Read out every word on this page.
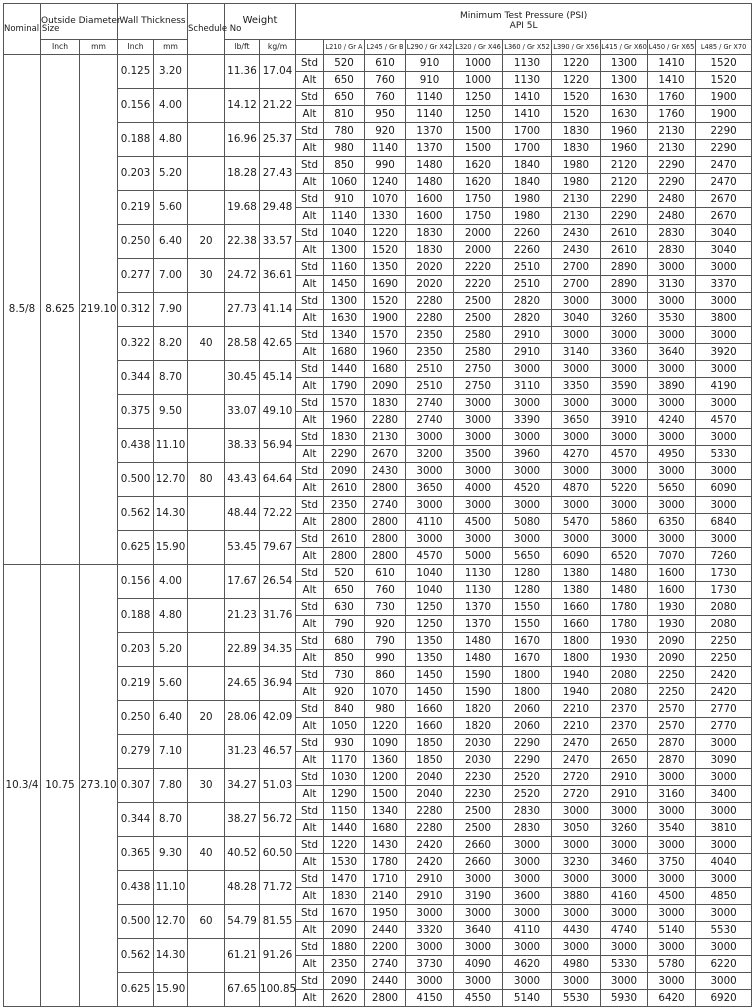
Nominal Size	Outside Diameter		Wall Thickness		Schedule No	Weight		Minimum Test Pressure (PSI)
API 5L									

	Inch	mm	Inch	mm		lb/ft	kg/m		L210 / Gr A	L245 / Gr B	L290 / Gr X42	L320 / Gr X46	L360 / Gr X52	L390 / Gr X56	L415 / Gr X60	L450 / Gr X65	L485 / Gr X70
8.5/8	8.625	219.10	0.125	3.20		11.36	17.04	Std	520	610	910	1000	1130	1220	1300	1410	1520
								Alt	650	760	910	1000	1130	1220	1300	1410	1520
			0.156	4.00		14.12	21.22	Std	650	760	1140	1250	1410	1520	1630	1760	1900
								Alt	810	950	1140	1250	1410	1520	1630	1760	1900
			0.188	4.80		16.96	25.37	Std	780	920	1370	1500	1700	1830	1960	2130	2290
								Alt	980	1140	1370	1500	1700	1830	1960	2130	2290
			0.203	5.20		18.28	27.43	Std	850	990	1480	1620	1840	1980	2120	2290	2470
								Alt	1060	1240	1480	1620	1840	1980	2120	2290	2470
			0.219	5.60		19.68	29.48	Std	910	1070	1600	1750	1980	2130	2290	2480	2670
								Alt	1140	1330	1600	1750	1980	2130	2290	2480	2670
			0.250	6.40	20	22.38	33.57	Std	1040	1220	1830	2000	2260	2430	2610	2830	3040
								Alt	1300	1520	1830	2000	2260	2430	2610	2830	3040
			0.277	7.00	30	24.72	36.61	Std	1160	1350	2020	2220	2510	2700	2890	3000	3000
								Alt	1450	1690	2020	2220	2510	2700	2890	3130	3370
			0.312	7.90		27.73	41.14	Std	1300	1520	2280	2500	2820	3000	3000	3000	3000
								Alt	1630	1900	2280	2500	2820	3040	3260	3530	3800
			0.322	8.20	40	28.58	42.65	Std	1340	1570	2350	2580	2910	3000	3000	3000	3000
								Alt	1680	1960	2350	2580	2910	3140	3360	3640	3920
			0.344	8.70		30.45	45.14	Std	1440	1680	2510	2750	3000	3000	3000	3000	3000
								Alt	1790	2090	2510	2750	3110	3350	3590	3890	4190
			0.375	9.50		33.07	49.10	Std	1570	1830	2740	3000	3000	3000	3000	3000	3000
								Alt	1960	2280	2740	3000	3390	3650	3910	4240	4570
			0.438	11.10		38.33	56.94	Std	1830	2130	3000	3000	3000	3000	3000	3000	3000
								Alt	2290	2670	3200	3500	3960	4270	4570	4950	5330
			0.500	12.70	80	43.43	64.64	Std	2090	2430	3000	3000	3000	3000	3000	3000	3000
								Alt	2610	2800	3650	4000	4520	4870	5220	5650	6090
			0.562	14.30		48.44	72.22	Std	2350	2740	3000	3000	3000	3000	3000	3000	3000
								Alt	2800	2800	4110	4500	5080	5470	5860	6350	6840
			0.625	15.90		53.45	79.67	Std	2610	2800	3000	3000	3000	3000	3000	3000	3000
								Alt	2800	2800	4570	5000	5650	6090	6520	7070	7260
10.3/4	10.75	273.10	0.156	4.00		17.67	26.54	Std	520	610	1040	1130	1280	1380	1480	1600	1730
								Alt	650	760	1040	1130	1280	1380	1480	1600	1730
			0.188	4.80		21.23	31.76	Std	630	730	1250	1370	1550	1660	1780	1930	2080
								Alt	790	920	1250	1370	1550	1660	1780	1930	2080
			0.203	5.20		22.89	34.35	Std	680	790	1350	1480	1670	1800	1930	2090	2250
								Alt	850	990	1350	1480	1670	1800	1930	2090	2250
			0.219	5.60		24.65	36.94	Std	730	860	1450	1590	1800	1940	2080	2250	2420
								Alt	920	1070	1450	1590	1800	1940	2080	2250	2420
			0.250	6.40	20	28.06	42.09	Std	840	980	1660	1820	2060	2210	2370	2570	2770
								Alt	1050	1220	1660	1820	2060	2210	2370	2570	2770
			0.279	7.10		31.23	46.57	Std	930	1090	1850	2030	2290	2470	2650	2870	3000
								Alt	1170	1360	1850	2030	2290	2470	2650	2870	3090
			0.307	7.80	30	34.27	51.03	Std	1030	1200	2040	2230	2520	2720	2910	3000	3000
								Alt	1290	1500	2040	2230	2520	2720	2910	3160	3400
			0.344	8.70		38.27	56.72	Std	1150	1340	2280	2500	2830	3000	3000	3000	3000
								Alt	1440	1680	2280	2500	2830	3050	3260	3540	3810
			0.365	9.30	40	40.52	60.50	Std	1220	1430	2420	2660	3000	3000	3000	3000	3000
								Alt	1530	1780	2420	2660	3000	3230	3460	3750	4040
			0.438	11.10		48.28	71.72	Std	1470	1710	2910	3000	3000	3000	3000	3000	3000
								Alt	1830	2140	2910	3190	3600	3880	4160	4500	4850
			0.500	12.70	60	54.79	81.55	Std	1670	1950	3000	3000	3000	3000	3000	3000	3000
								Alt	2090	2440	3320	3640	4110	4430	4740	5140	5530
			0.562	14.30		61.21	91.26	Std	1880	2200	3000	3000	3000	3000	3000	3000	3000
								Alt	2350	2740	3730	4090	4620	4980	5330	5780	6220
			0.625	15.90		67.65	100.85	Std	2090	2440	3000	3000	3000	3000	3000	3000	3000
								Alt	2620	2800	4150	4550	5140	5530	5930	6420	6920
